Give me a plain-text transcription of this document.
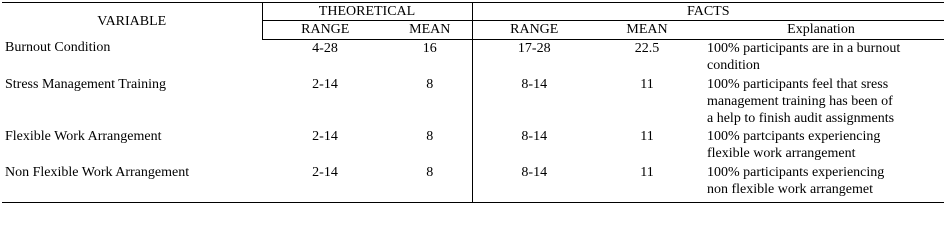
VARIABLE	THEORETICAL		FACTS		
	RANGE	MEAN	RANGE	MEAN	Explanation
Burnout Condition	4-28	16	17-28	22.5	100% participants are in a burnout
condition

Stress Management Training	2-14	8	8-14	11	100% participants feel that sress
management training has been of
a help to finish audit assignments

Flexible Work Arrangement	2-14	8	8-14	11	100% partcipants experiencing
flexible work arrangement

Non Flexible Work Arrangement	2-14	8	8-14	11	100% participants experiencing
non flexible work arrangemet
